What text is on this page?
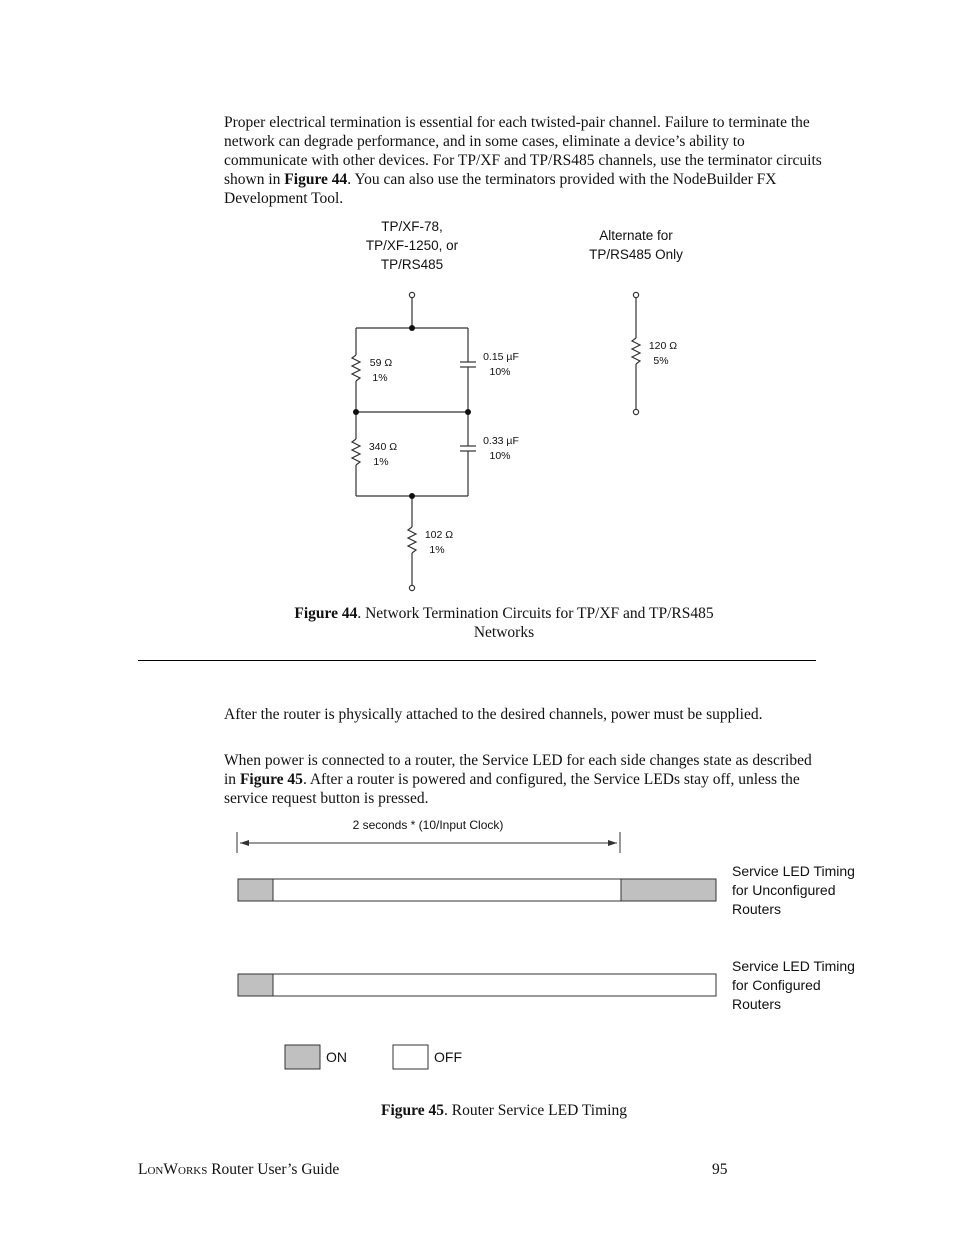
Proper electrical termination is essential for each twisted-pair channel. Failure to terminate the network can degrade performance, and in some cases, eliminate a device’s ability to communicate with other devices. For TP/XF and TP/RS485 channels, use the terminator circuits shown in Figure 44. You can also use the terminators provided with the NodeBuilder FX Development Tool.

TP/XF-78,
TP/XF-1250, or
TP/RS485
Alternate for
TP/RS485 Only
59 Ω
1%
0.15 µF
10%
340 Ω
1%
0.33 µF
10%
102 Ω
1%
120 Ω
5%
Figure 44. Network Termination Circuits for TP/XF and TP/RS485
Networks

After the router is physically attached to the desired channels, power must be supplied.

When power is connected to a router, the Service LED for each side changes state as described in Figure 45. After a router is powered and configured, the Service LEDs stay off, unless the service request button is pressed.

2 seconds * (10/Input Clock)
Service LED Timing
for Unconfigured
Routers
Service LED Timing
for Configured
Routers
ON	OFF
Figure 45. Router Service LED Timing
LonWorks Router User’s Guide	95
